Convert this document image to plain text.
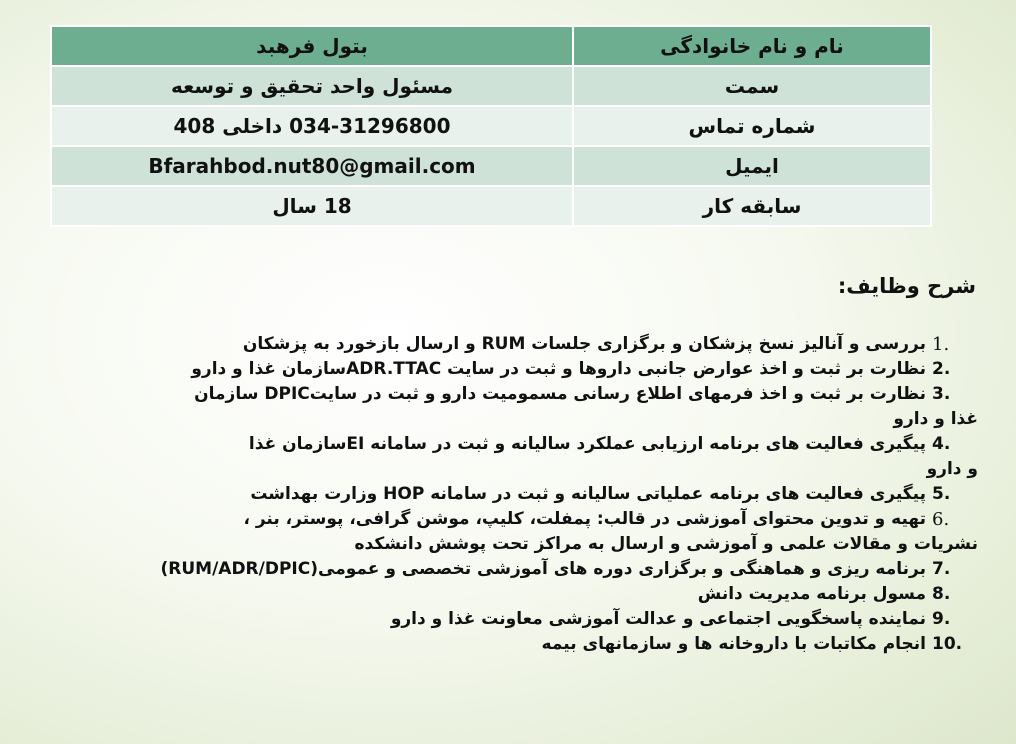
نام و نام خانوادگی	بتول فرهبد
سمت	مسئول واحد تحقیق و توسعه
شماره تماس	034-31296800 داخلی 408
ایمیل	Bfarahbod.nut80@gmail.com
سابقه کار	18 سال
شرح وظایف:
1.
بررسی و آنالیز نسخ پزشکان و برگزاری جلسات RUM و ارسال بازخورد به پزشکان
2.
نظارت بر ثبت و اخذ عوارض جانبی داروها و ثبت در سایت ADR.TTACسازمان غذا و دارو
3.
نظارت بر ثبت و اخذ فرمهای اطلاع رسانی مسمومیت دارو و ثبت در سایتDPIC سازمان
غذا و دارو
4.
پیگیری فعالیت های برنامه ارزیابی عملکرد سالیانه و ثبت در سامانه EIسازمان غذا
و دارو
5.
پیگیری فعالیت های برنامه عملیاتی سالیانه و ثبت در سامانه HOP وزارت بهداشت
6.
تهیه و تدوین محتوای آموزشی در قالب: پمفلت، کلیپ، موشن گرافی، پوستر، بنر ،
نشریات و مقالات علمی و آموزشی و ارسال به مراکز تحت پوشش دانشکده
7.
برنامه ریزی و هماهنگی و برگزاری دوره های آموزشی تخصصی و عمومی(RUM/ADR/DPIC)
8.
مسول برنامه مدیریت دانش
9.
نماینده پاسخگویی اجتماعی و عدالت آموزشی معاونت غذا و دارو
10.
انجام مکاتبات با داروخانه ها و سازمانهای بیمه
